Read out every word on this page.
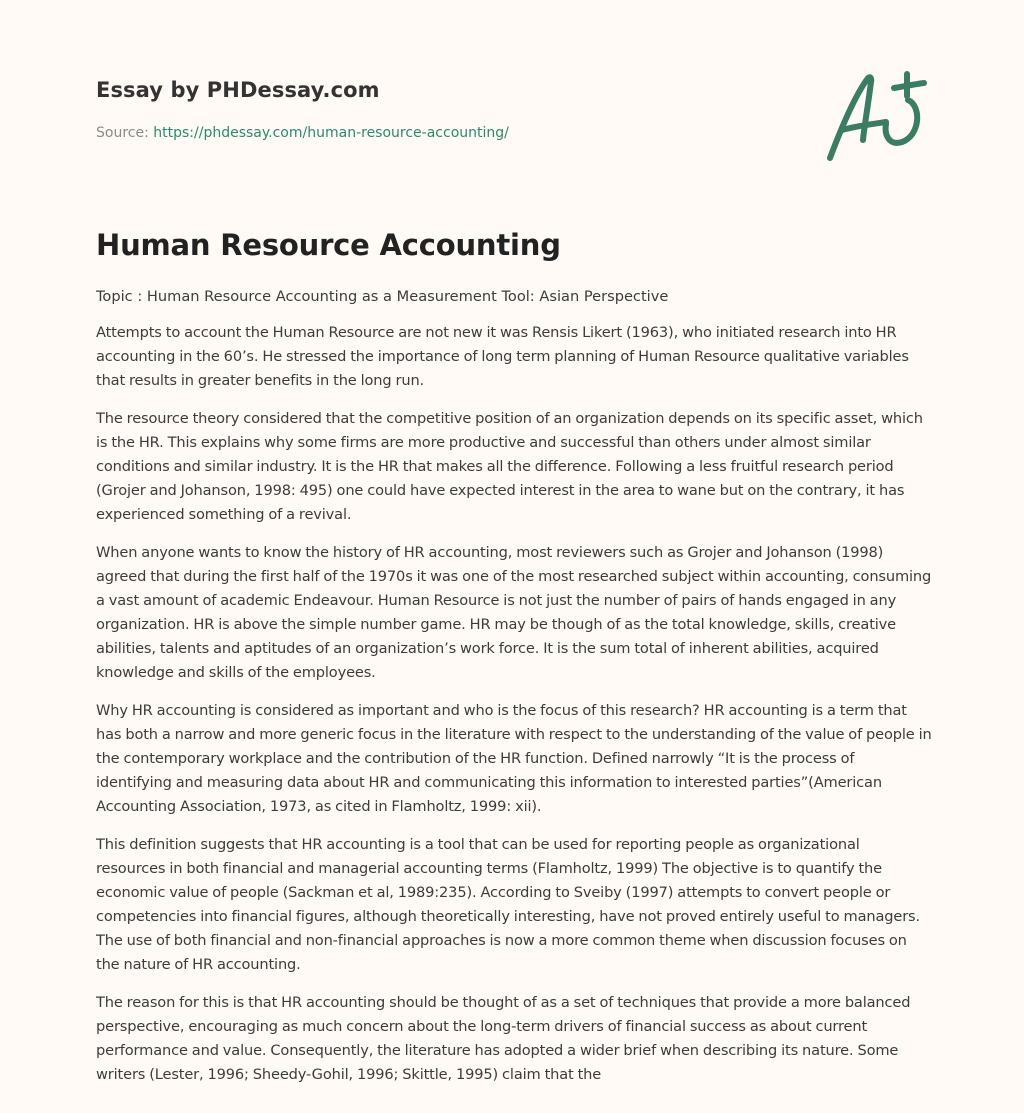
Essay by PHDessay.com
Source: https://phdessay.com/human-resource-accounting/
Human Resource Accounting

Topic : Human Resource Accounting as a Measurement Tool: Asian Perspective

Attempts to account the Human Resource are not new it was Rensis Likert (1963), who initiated research into HR accounting in the 60’s. He stressed the importance of long term planning of Human Resource qualitative variables that results in greater benefits in the long run.

The resource theory considered that the competitive position of an organization depends on its specific asset, which is the HR. This explains why some firms are more productive and successful than others under almost similar conditions and similar industry. It is the HR that makes all the difference. Following a less fruitful research period (Grojer and Johanson, 1998: 495) one could have expected interest in the area to wane but on the contrary, it has experienced something of a revival.

When anyone wants to know the history of HR accounting, most reviewers such as Grojer and Johanson (1998) agreed that during the first half of the 1970s it was one of the most researched subject within accounting, consuming a vast amount of academic Endeavour. Human Resource is not just the number of pairs of hands engaged in any organization. HR is above the simple number game. HR may be though of as the total knowledge, skills, creative abilities, talents and aptitudes of an organization’s work force. It is the sum total of inherent abilities, acquired knowledge and skills of the employees.

Why HR accounting is considered as important and who is the focus of this research? HR accounting is a term that has both a narrow and more generic focus in the literature with respect to the understanding of the value of people in the contemporary workplace and the contribution of the HR function. Defined narrowly “It is the process of identifying and measuring data about HR and communicating this information to interested parties”(American Accounting Association, 1973, as cited in Flamholtz, 1999: xii).

This definition suggests that HR accounting is a tool that can be used for reporting people as organizational resources in both financial and managerial accounting terms (Flamholtz, 1999) The objective is to quantify the economic value of people (Sackman et al, 1989:235). According to Sveiby (1997) attempts to convert people or competencies into financial figures, although theoretically interesting, have not proved entirely useful to managers. The use of both financial and non-financial approaches is now a more common theme when discussion focuses on the nature of HR accounting.

The reason for this is that HR accounting should be thought of as a set of techniques that provide a more balanced perspective, encouraging as much concern about the long-term drivers of financial success as about current performance and value. Consequently, the literature has adopted a wider brief when describing its nature. Some writers (Lester, 1996; Sheedy-Gohil, 1996; Skittle, 1995) claim that the
